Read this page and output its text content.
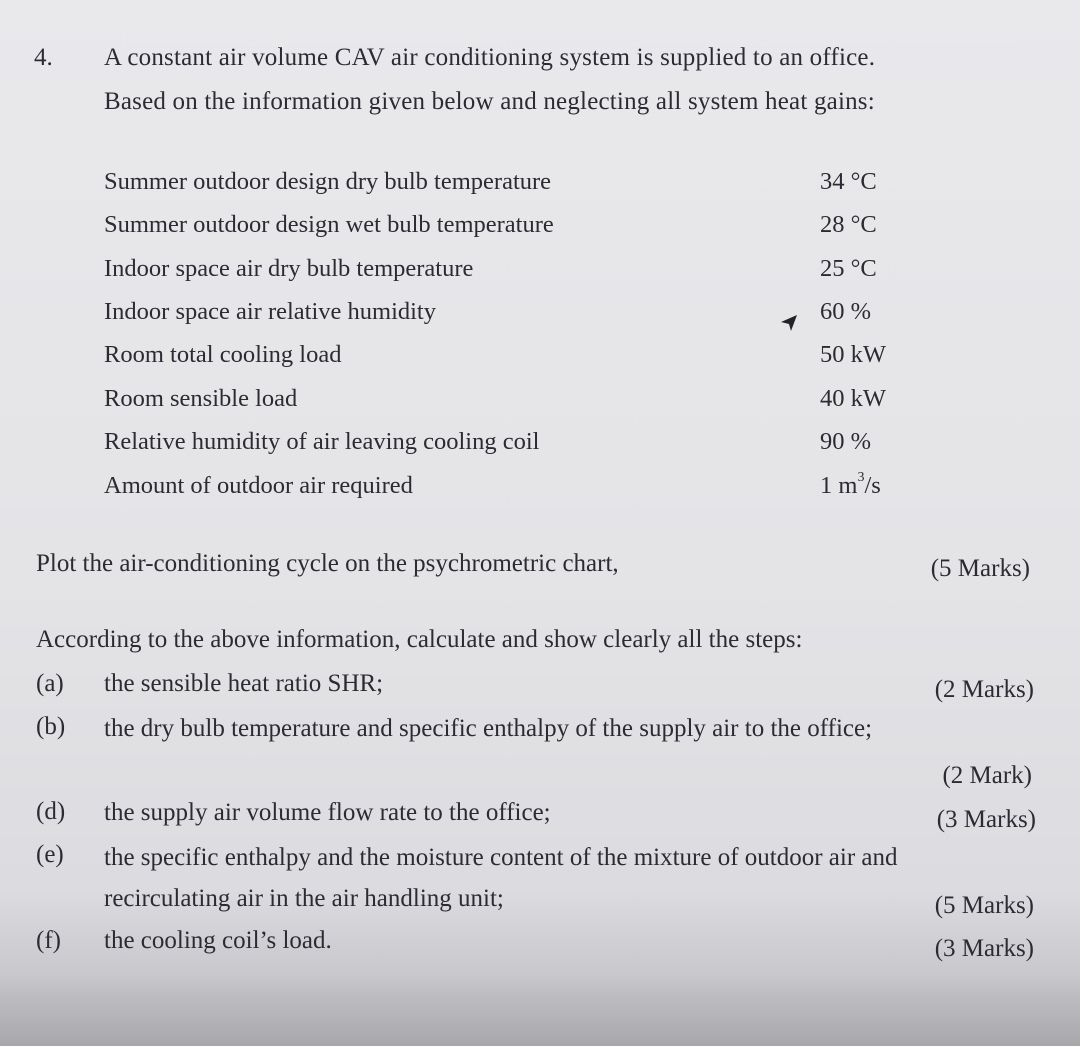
4. A constant air volume CAV air conditioning system is supplied to an office.
Based on the information given below and neglecting all system heat gains:
Summer outdoor design dry bulb temperature	34 °C
Summer outdoor design wet bulb temperature	28 °C
Indoor space air dry bulb temperature	25 °C
Indoor space air relative humidity	60 %
Room total cooling load	50 kW
Room sensible load	40 kW
Relative humidity of air leaving cooling coil	90 %
Amount of outdoor air required	1 $m^3/s$
Plot the air-conditioning cycle on the psychrometric chart,	(5 Marks)
According to the above information, calculate and show clearly all the steps:
(a) the sensible heat ratio SHR;	(2 Marks)
(b) the dry bulb temperature and specific enthalpy of the supply air to the office;
(2 Mark)
(d) the supply air volume flow rate to the office;	(3 Marks)
(e) the specific enthalpy and the moisture content of the mixture of outdoor air and
recirculating air in the air handling unit;	(5 Marks)
(f) the cooling coil’s load.	(3 Marks)
